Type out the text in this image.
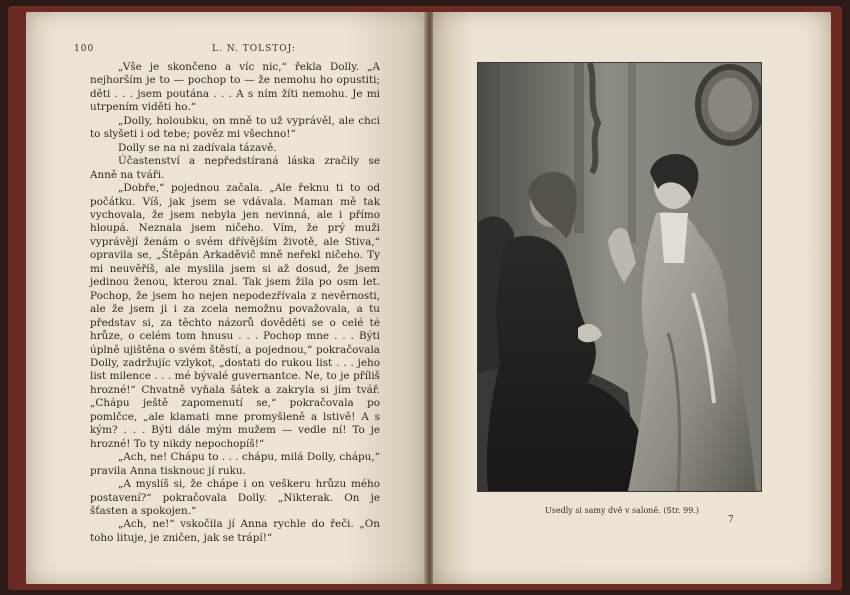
100	L. N. TOLSTOJ:

„Vše je skončeno a víc nic,“ řekla Dolly. „A nejhorším je to — pochop to — že nemohu ho opustiti; děti . . . jsem poutána . . . A s ním žíti nemohu. Je mi utrpením viděti ho.“

„Dolly, holoubku, on mně to už vyprávěl, ale chci to slyšeti i od tebe; pověz mi všechno!“

Dolly se na ni zadívala tázavě.

Účastenství a nepředstíraná láska zračily se Anně na tváři.

„Dobře,“ pojednou začala. „Ale řeknu ti to od počátku. Víš, jak jsem se vdávala. Maman mě tak vychovala, že jsem nebyla jen nevinná, ale i přímo hloupá. Neznala jsem ničeho. Vím, že prý muži vyprávějí ženám o svém dřívějším životě, ale Stiva,“ opravila se, „Štěpán Arkaděvič mně neřekl ničeho. Ty mi neuvěříš, ale myslila jsem si až dosud, že jsem jedinou ženou, kterou znal. Tak jsem žila po osm let. Pochop, že jsem ho nejen nepodezřívala z nevěrnosti, ale že jsem ji i za zcela nemožnu považovala, a tu představ si, za těchto názorů dověděti se o celé té hrůze, o celém tom hnusu . . . Pochop mne . . . Býti úplně ujištěna o svém štěstí, a pojednou,“ pokračovala Dolly, zadržujíc vzlykot, „dostati do rukou list . . . jeho list milence . . . mé bývalé guvernantce. Ne, to je příliš hrozné!“ Chvatně vyňala šátek a zakryla si jím tvář. „Chápu ještě zapomenutí se,“ pokračovala po pomlčce, „ale klamati mne promyšleně a lstivě! A s kým? . . . Býti dále mým mužem — vedle ní! To je hrozné! To ty nikdy nepochopíš!“

„Ach, ne! Chápu to . . . chápu, milá Dolly, chápu,“ pravila Anna tisknouc jí ruku.

„A myslíš si, že chápe i on veškeru hrůzu mého postavení?“ pokračovala Dolly. „Nikterak. On je šťasten a spokojen.“

„Ach, ne!“ vskočila jí Anna rychle do řeči. „On toho lituje, je zničen, jak se trápí!“

Usedly si samy dvě v saloně. (Str. 99.)
7
